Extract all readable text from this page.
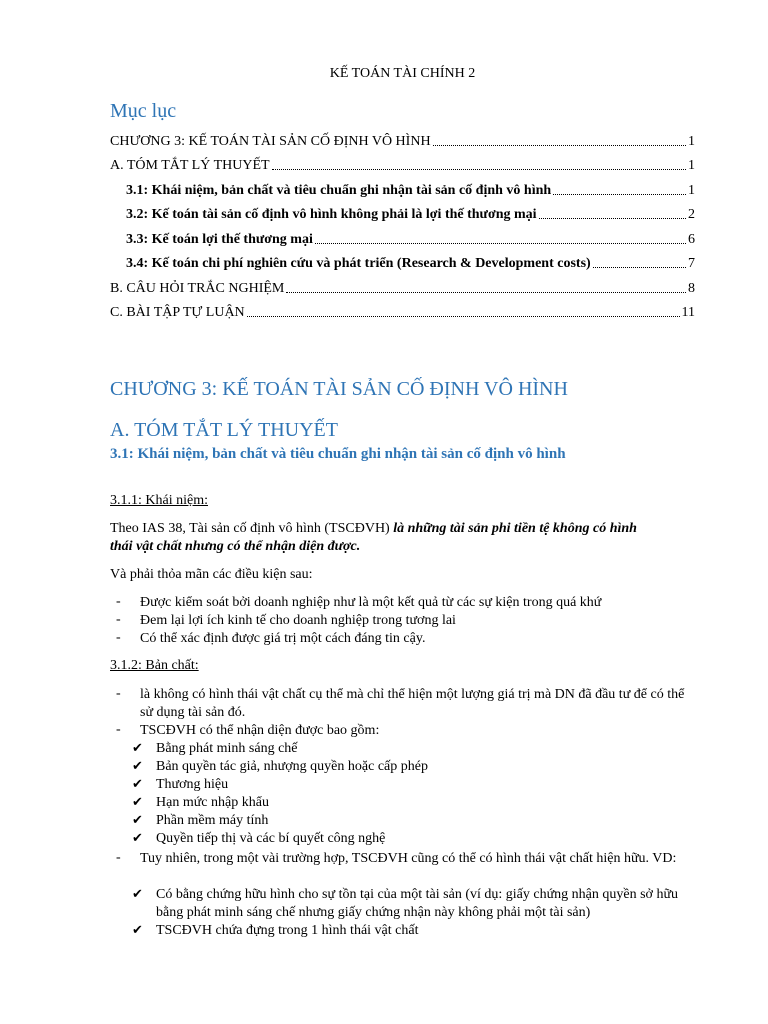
KẾ TOÁN TÀI CHÍNH 2
Mục lục
CHƯƠNG 3: KẾ TOÁN TÀI SẢN CỐ ĐỊNH VÔ HÌNH	1
A. TÓM TẮT LÝ THUYẾT	1
3.1: Khái niệm, bản chất và tiêu chuẩn ghi nhận tài sản cố định vô hình	1
3.2: Kế toán tài sản cố định vô hình không phải là lợi thế thương mại	2
3.3: Kế toán lợi thế thương mại	6
3.4: Kế toán chi phí nghiên cứu và phát triển (Research & Development costs)	7
B. CÂU HỎI TRẮC NGHIỆM	8
C. BÀI TẬP TỰ LUẬN	11
CHƯƠNG 3: KẾ TOÁN TÀI SẢN CỐ ĐỊNH VÔ HÌNH
A. TÓM TẮT LÝ THUYẾT
3.1: Khái niệm, bản chất và tiêu chuẩn ghi nhận tài sản cố định vô hình
3.1.1: Khái niệm:
Theo IAS 38, Tài sản cố định vô hình (TSCĐVH) là những tài sản phi tiền tệ không có hình
thái vật chất nhưng có thể nhận diện được.
Và phải thỏa mãn các điều kiện sau:
- Được kiểm soát bởi doanh nghiệp như là một kết quả từ các sự kiện trong quá khứ
- Đem lại lợi ích kinh tế cho doanh nghiệp trong tương lai
- Có thể xác định được giá trị một cách đáng tin cậy.
3.1.2: Bản chất:
- là không có hình thái vật chất cụ thể mà chỉ thể hiện một lượng giá trị mà DN đã đầu tư để có thể sử dụng tài sản đó.
- TSCĐVH có thể nhận diện được bao gồm:
✔ Bằng phát minh sáng chế
✔ Bản quyền tác giả, nhượng quyền hoặc cấp phép
✔ Thương hiệu
✔ Hạn mức nhập khẩu
✔ Phần mềm máy tính
✔ Quyền tiếp thị và các bí quyết công nghệ
- Tuy nhiên, trong một vài trường hợp, TSCĐVH cũng có thể có hình thái vật chất hiện hữu. VD:
✔ Có bằng chứng hữu hình cho sự tồn tại của một tài sản (ví dụ: giấy chứng nhận quyền sở hữu bằng phát minh sáng chế nhưng giấy chứng nhận này không phải một tài sản)
✔ TSCĐVH chứa đựng trong 1 hình thái vật chất
